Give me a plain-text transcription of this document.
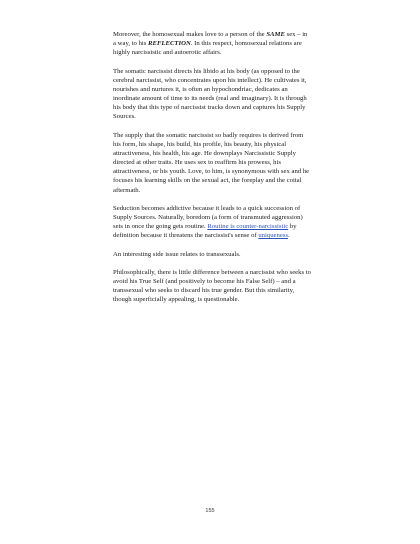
Moreover, the homosexual makes love to a person of the SAME sex – in a way, to his REFLECTION. In this respect, homosexual relations are highly narcissistic and autoerotic affairs.

The somatic narcissist directs his libido at his body (as opposed to the cerebral narcissist, who concentrates upon his intellect). He cultivates it, nourishes and nurtures it, is often an hypochondriac, dedicates an inordinate amount of time to its needs (real and imaginary). It is through his body that this type of narcissist tracks down and captures his Supply Sources.

The supply that the somatic narcissist so badly requires is derived from his form, his shape, his build, his profile, his beauty, his physical attractiveness, his health, his age. He downplays Narcissistic Supply directed at other traits. He uses sex to reaffirm his prowess, his attractiveness, or his youth. Love, to him, is synonymous with sex and he focuses his learning skills on the sexual act, the foreplay and the coital aftermath.

Seduction becomes addictive because it leads to a quick succession of Supply Sources. Naturally, boredom (a form of transmuted aggression) sets in once the going gets routine. Routine is counter-narcissistic by definition because it threatens the narcissist's sense of uniqueness.

An interesting side issue relates to transsexuals.

Philosophically, there is little difference between a narcissist who seeks to avoid his True Self (and positively to become his False Self) – and a transsexual who seeks to discard his true gender. But this similarity, though superficially appealing, is questionable.

155
